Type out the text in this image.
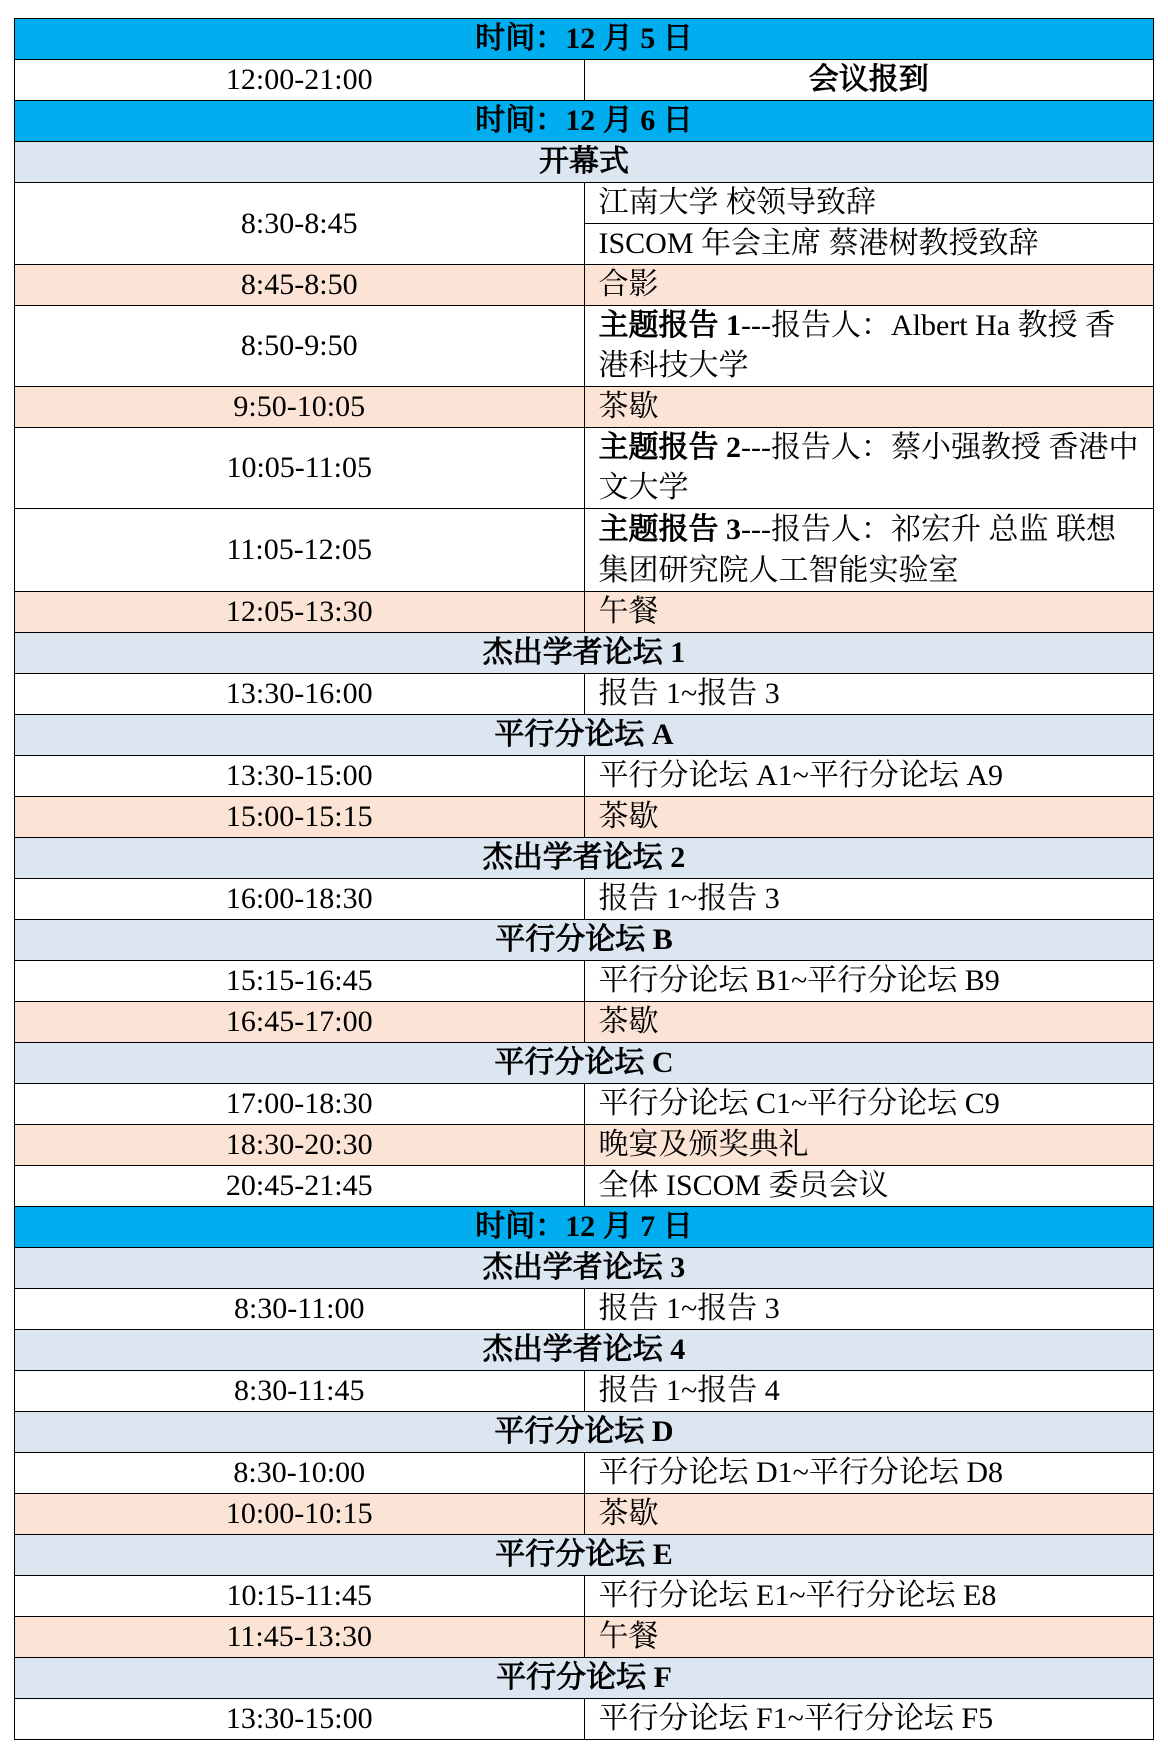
时间：12 月 5 日	
12:00-21:00	会议报到
时间：12 月 6 日	
开幕式	
8:30-8:45	江南大学 校领导致辞
	ISCOM 年会主席 蔡港树教授致辞
8:45-8:50	合影
8:50-9:50	主题报告 1---报告人：Albert Ha 教授 香港科技大学
9:50-10:05	茶歇
10:05-11:05	主题报告 2---报告人：蔡小强教授 香港中文大学
11:05-12:05	主题报告 3---报告人：祁宏升 总监 联想集团研究院人工智能实验室
12:05-13:30	午餐
杰出学者论坛 1	
13:30-16:00	报告 1~报告 3
平行分论坛 A	
13:30-15:00	平行分论坛 A1~平行分论坛 A9
15:00-15:15	茶歇
杰出学者论坛 2	
16:00-18:30	报告 1~报告 3
平行分论坛 B	
15:15-16:45	平行分论坛 B1~平行分论坛 B9
16:45-17:00	茶歇
平行分论坛 C	
17:00-18:30	平行分论坛 C1~平行分论坛 C9
18:30-20:30	晚宴及颁奖典礼
20:45-21:45	全体 ISCOM 委员会议
时间：12 月 7 日	
杰出学者论坛 3	
8:30-11:00	报告 1~报告 3
杰出学者论坛 4	
8:30-11:45	报告 1~报告 4
平行分论坛 D	
8:30-10:00	平行分论坛 D1~平行分论坛 D8
10:00-10:15	茶歇
平行分论坛 E	
10:15-11:45	平行分论坛 E1~平行分论坛 E8
11:45-13:30	午餐
平行分论坛 F	
13:30-15:00	平行分论坛 F1~平行分论坛 F5
